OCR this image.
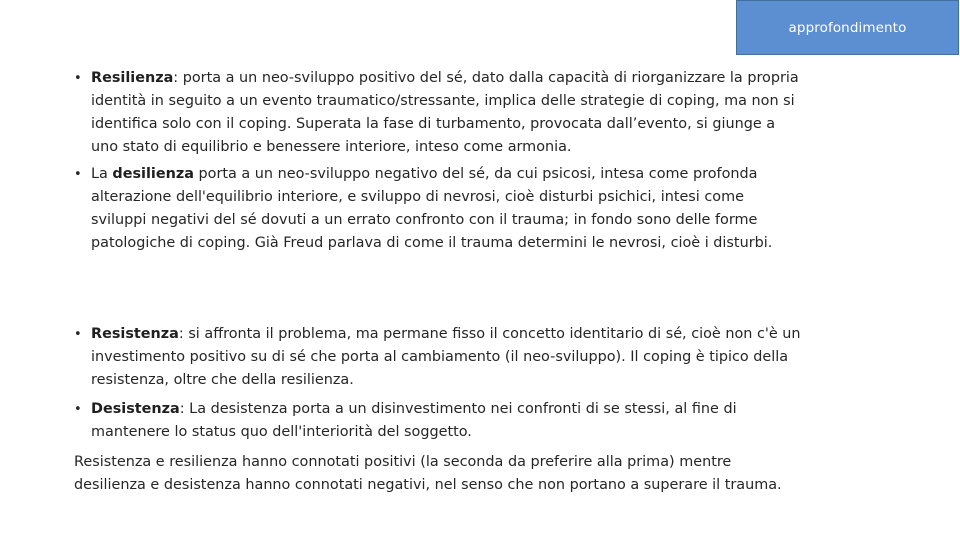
approfondimento
• Resilienza: porta a un neo-sviluppo positivo del sé, dato dalla capacità di riorganizzare la propria
identità in seguito a un evento traumatico/stressante, implica delle strategie di coping, ma non si
identifica solo con il coping. Superata la fase di turbamento, provocata dall’evento, si giunge a
uno stato di equilibrio e benessere interiore, inteso come armonia.
• La desilienza porta a un neo-sviluppo negativo del sé, da cui psicosi, intesa come profonda
alterazione dell'equilibrio interiore, e sviluppo di nevrosi, cioè disturbi psichici, intesi come
sviluppi negativi del sé dovuti a un errato confronto con il trauma; in fondo sono delle forme
patologiche di coping. Già Freud parlava di come il trauma determini le nevrosi, cioè i disturbi.
• Resistenza: si affronta il problema, ma permane fisso il concetto identitario di sé, cioè non c'è un
investimento positivo su di sé che porta al cambiamento (il neo-sviluppo). Il coping è tipico della
resistenza, oltre che della resilienza.
• Desistenza: La desistenza porta a un disinvestimento nei confronti di se stessi, al fine di
mantenere lo status quo dell'interiorità del soggetto.
Resistenza e resilienza hanno connotati positivi (la seconda da preferire alla prima) mentre
desilienza e desistenza hanno connotati negativi, nel senso che non portano a superare il trauma.
